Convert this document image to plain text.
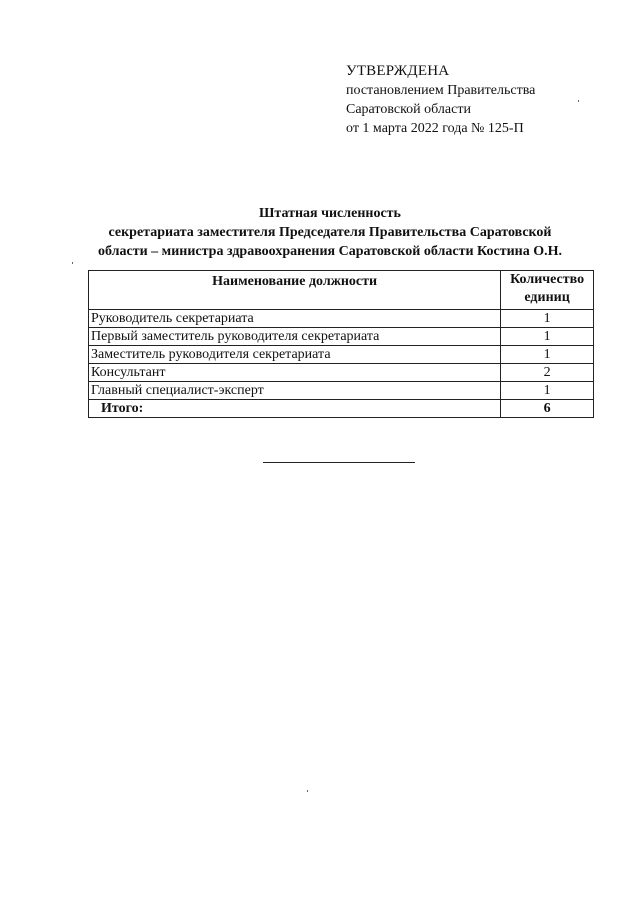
УТВЕРЖДЕНА
постановлением Правительства
Саратовской области
от 1 марта 2022 года № 125-П
Штатная численность
секретариата заместителя Председателя Правительства Саратовской
области – министра здравоохранения Саратовской области Костина О.Н.
Наименование должности	Количество
единиц

Руководитель секретариата	1
Первый заместитель руководителя секретариата	1
Заместитель руководителя секретариата	1
Консультант	2
Главный специалист-эксперт	1
Итого:	6
